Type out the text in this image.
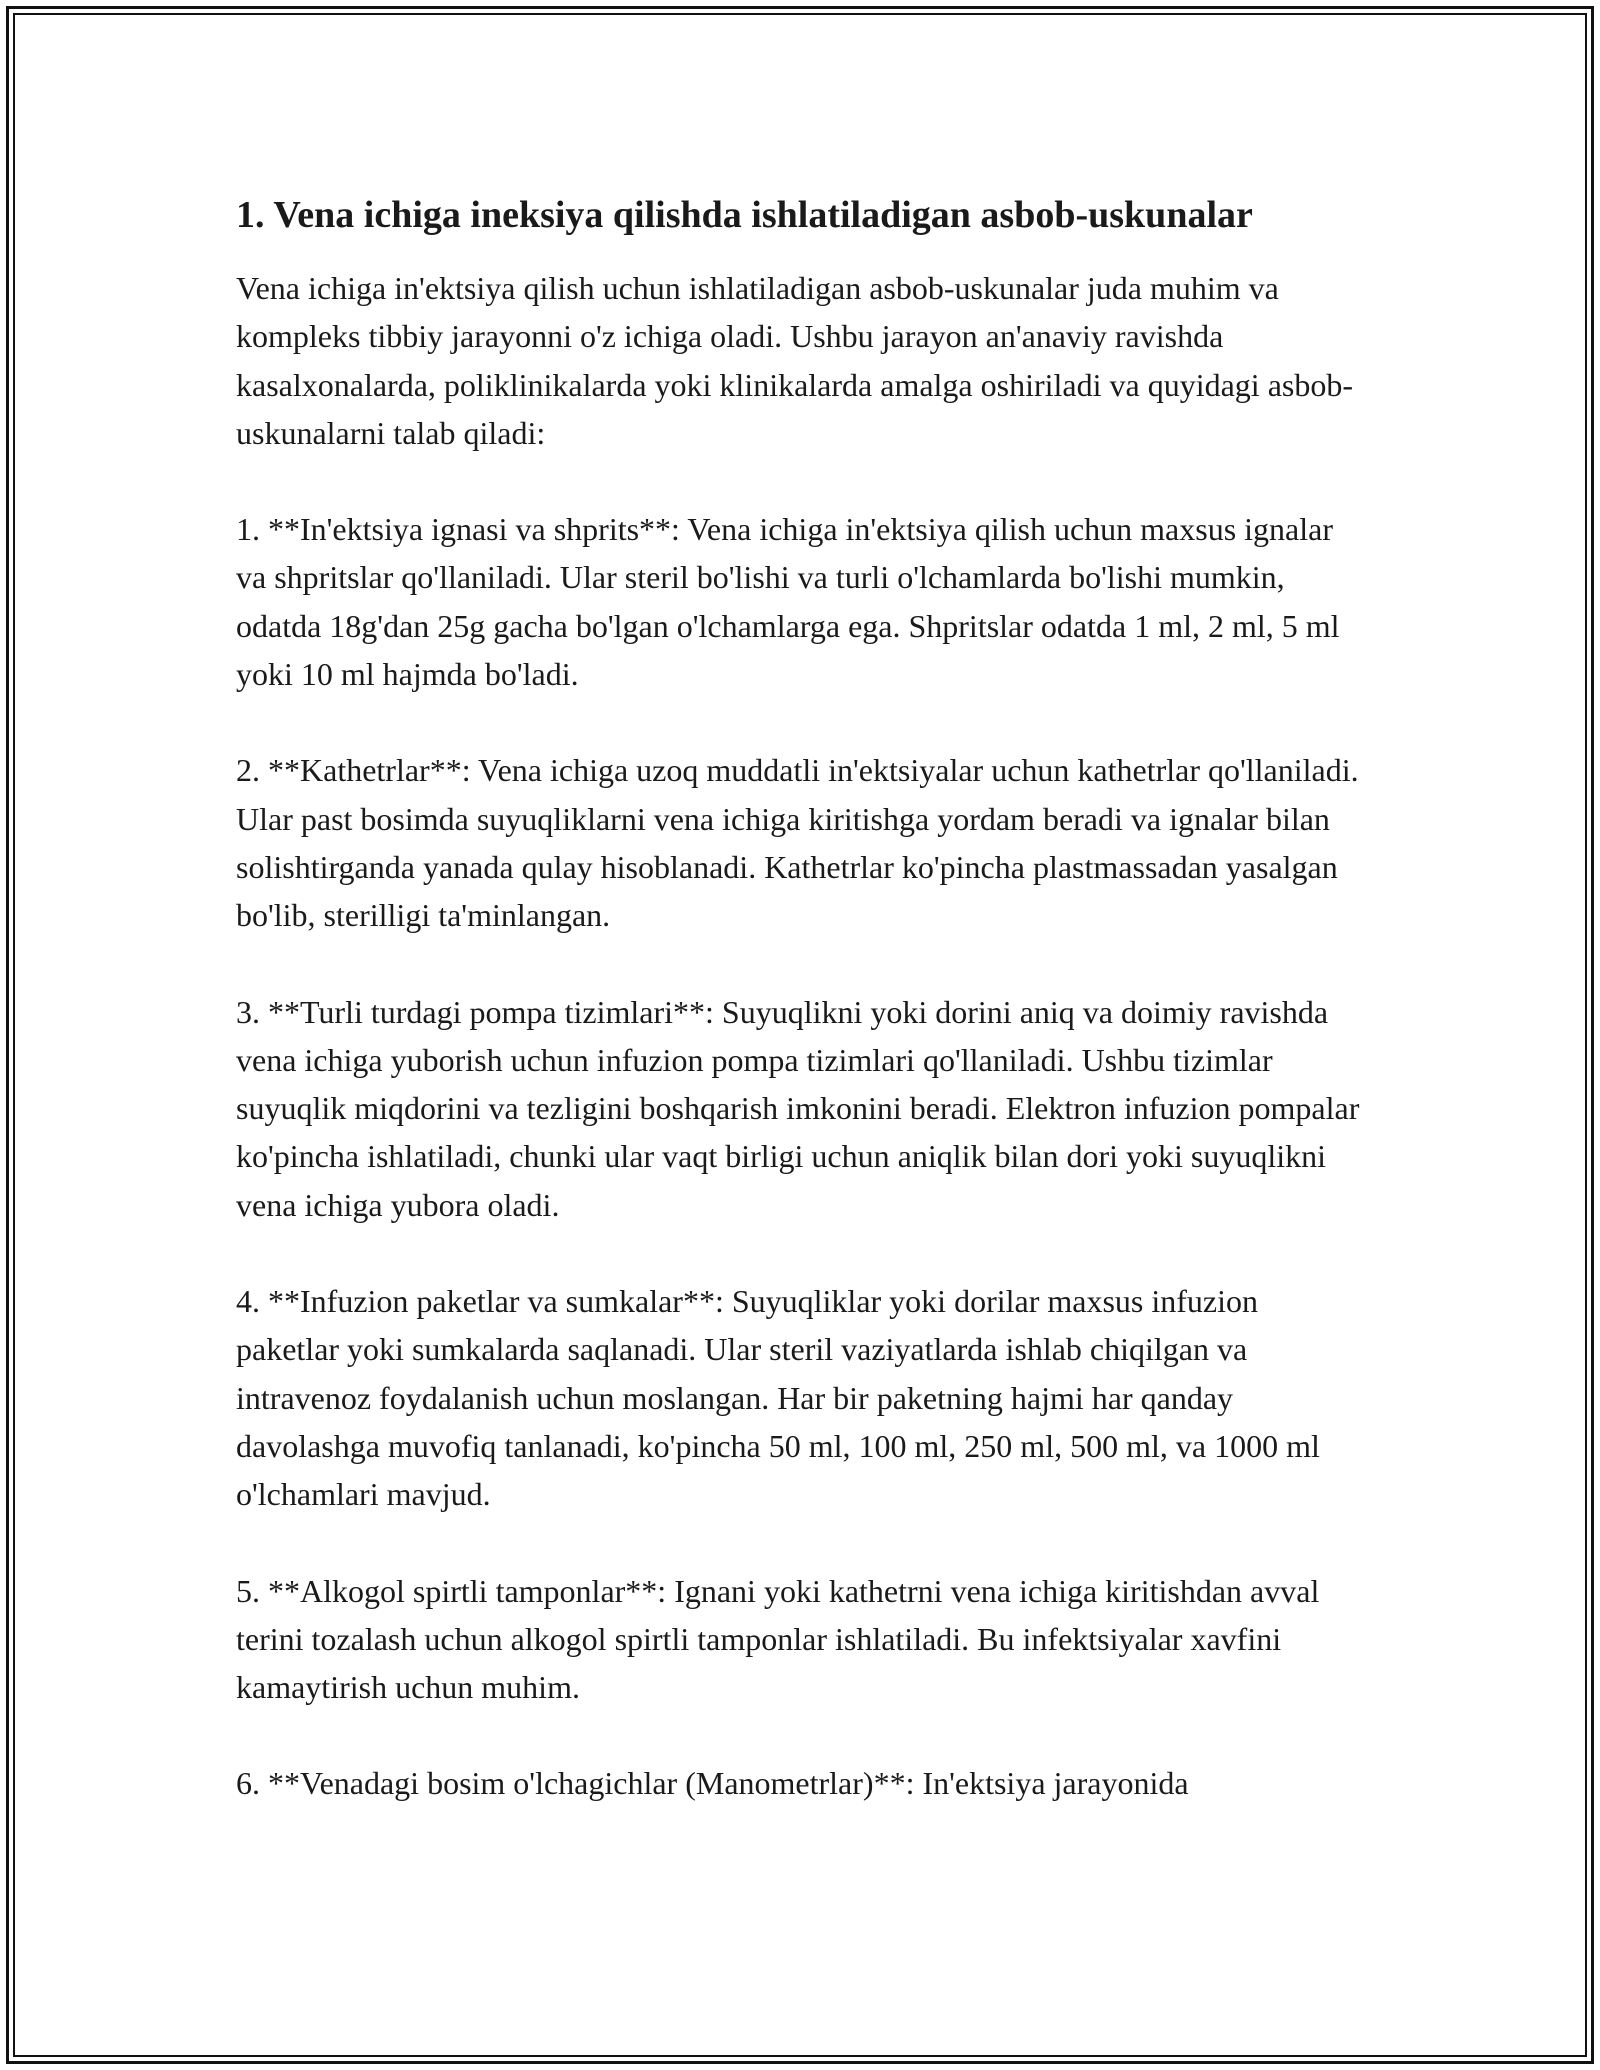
1. Vena ichiga ineksiya qilishda ishlatiladigan asbob-uskunalar

Vena ichiga in'ektsiya qilish uchun ishlatiladigan asbob-uskunalar juda muhim va kompleks tibbiy jarayonni o'z ichiga oladi. Ushbu jarayon an'anaviy ravishda kasalxonalarda, poliklinikalarda yoki klinikalarda amalga oshiriladi va quyidagi asbob-uskunalarni talab qiladi:

1. **In'ektsiya ignasi va shprits**: Vena ichiga in'ektsiya qilish uchun maxsus ignalar va shpritslar qo'llaniladi. Ular steril bo'lishi va turli o'lchamlarda bo'lishi mumkin, odatda 18g'dan 25g gacha bo'lgan o'lchamlarga ega. Shpritslar odatda 1 ml, 2 ml, 5 ml yoki 10 ml hajmda bo'ladi.

2. **Kathetrlar**: Vena ichiga uzoq muddatli in'ektsiyalar uchun kathetrlar qo'llaniladi. Ular past bosimda suyuqliklarni vena ichiga kiritishga yordam beradi va ignalar bilan solishtirganda yanada qulay hisoblanadi. Kathetrlar ko'pincha plastmassadan yasalgan bo'lib, sterilligi ta'minlangan.

3. **Turli turdagi pompa tizimlari**: Suyuqlikni yoki dorini aniq va doimiy ravishda vena ichiga yuborish uchun infuzion pompa tizimlari qo'llaniladi. Ushbu tizimlar suyuqlik miqdorini va tezligini boshqarish imkonini beradi. Elektron infuzion pompalar ko'pincha ishlatiladi, chunki ular vaqt birligi uchun aniqlik bilan dori yoki suyuqlikni vena ichiga yubora oladi.

4. **Infuzion paketlar va sumkalar**: Suyuqliklar yoki dorilar maxsus infuzion paketlar yoki sumkalarda saqlanadi. Ular steril vaziyatlarda ishlab chiqilgan va intravenoz foydalanish uchun moslangan. Har bir paketning hajmi har qanday davolashga muvofiq tanlanadi, ko'pincha 50 ml, 100 ml, 250 ml, 500 ml, va 1000 ml o'lchamlari mavjud.

5. **Alkogol spirtli tamponlar**: Ignani yoki kathetrni vena ichiga kiritishdan avval terini tozalash uchun alkogol spirtli tamponlar ishlatiladi. Bu infektsiyalar xavfini kamaytirish uchun muhim.

6. **Venadagi bosim o'lchagichlar (Manometrlar)**: In'ektsiya jarayonida
